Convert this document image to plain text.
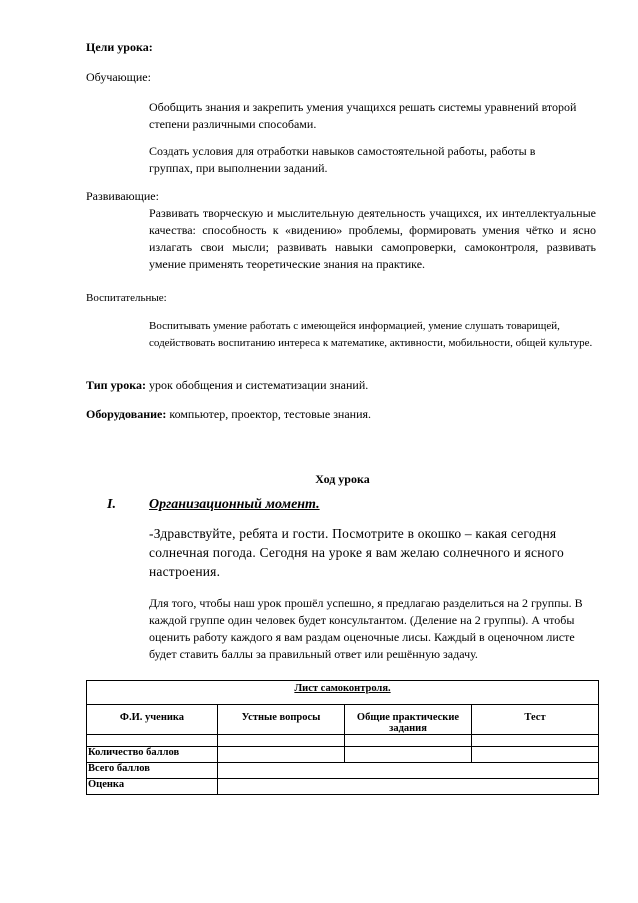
Цели урока:
Обучающие:
Обобщить знания и закрепить умения учащихся решать системы уравнений второй степени различными способами.
Создать условия для отработки навыков самостоятельной работы, работы в группах, при выполнении заданий.
Развивающие:
Развивать творческую и мыслительную деятельность учащихся, их интеллектуальные качества: способность к «видению» проблемы, формировать умения чётко и ясно излагать свои мысли; развивать навыки самопроверки, самоконтроля, развивать умение применять теоретические знания на практике.
Воспитательные:
Воспитывать умение работать с имеющейся информацией, умение слушать товарищей, содействовать воспитанию интереса к математике, активности, мобильности, общей культуре.
Тип урока: урок обобщения и систематизации знаний.
Оборудование: компьютер, проектор, тестовые знания.
Ход урока
I. Организационный момент.
-Здравствуйте, ребята и гости. Посмотрите в окошко – какая сегодня солнечная погода. Сегодня на уроке я вам желаю солнечного и ясного настроения.
Для того, чтобы наш урок прошёл успешно, я предлагаю разделиться на 2 группы. В каждой группе один человек будет консультантом. (Деление на 2 группы). А чтобы оценить работу каждого я вам раздам оценочные лисы. Каждый в оценочном листе будет ставить баллы за правильный ответ или решённую задачу.
Лист самоконтроля.			
Ф.И. ученика	Устные вопросы	Общие практические задания	Тест

Количество баллов			
Всего баллов			
Оценка			
